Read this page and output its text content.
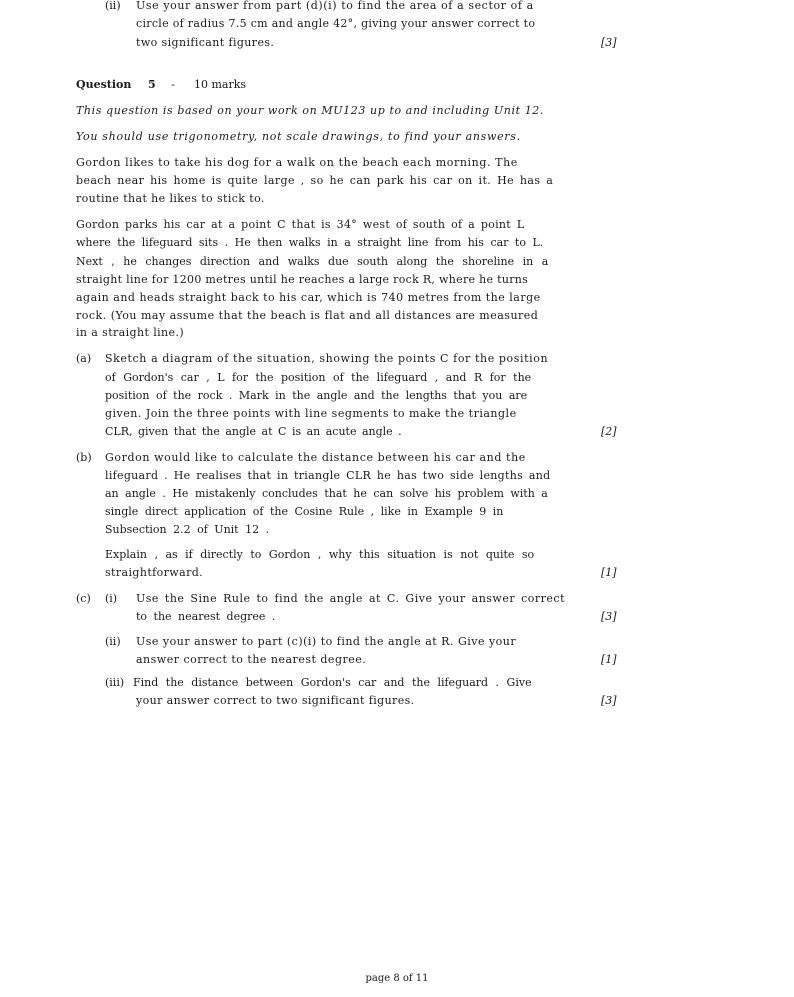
(ii) Use your answer from part (d)(i) to find the area of a sector of a
circle of radius 7.5 cm and angle 42°, giving your answer correct to
two significant figures.	[3]
Question 5 - 10 marks
This question is based on your work on MU123 up to and including Unit 12.
You should use trigonometry, not scale drawings, to find your answers.
Gordon likes to take his dog for a walk on the beach each morning. The
beach near his home is quite large , so he can park his car on it. He has a
routine that he likes to stick to.
Gordon parks his car at a point C that is 34° west of south of a point L
where the lifeguard sits . He then walks in a straight line from his car to L.
Next , he changes direction and walks due south along the shoreline in a
straight line for 1200 metres until he reaches a large rock R, where he turns
again and heads straight back to his car, which is 740 metres from the large
rock. (You may assume that the beach is flat and all distances are measured
in a straight line.)
(a) Sketch a diagram of the situation, showing the points C for the position
of Gordon's car , L for the position of the lifeguard , and R for the
position of the rock . Mark in the angle and the lengths that you are
given. Join the three points with line segments to make the triangle
CLR, given that the angle at C is an acute angle .	[2]
(b) Gordon would like to calculate the distance between his car and the
lifeguard . He realises that in triangle CLR he has two side lengths and
an angle . He mistakenly concludes that he can solve his problem with a
single direct application of the Cosine Rule , like in Example 9 in
Subsection 2.2 of Unit 12 .
Explain , as if directly to Gordon , why this situation is not quite so
straightforward.	[1]
(c) (i) Use the Sine Rule to find the angle at C. Give your answer correct
to the nearest degree .	[3]
(ii) Use your answer to part (c)(i) to find the angle at R. Give your
answer correct to the nearest degree.	[1]
(iii) Find the distance between Gordon's car and the lifeguard . Give
your answer correct to two significant figures.	[3]
page 8 of 11
